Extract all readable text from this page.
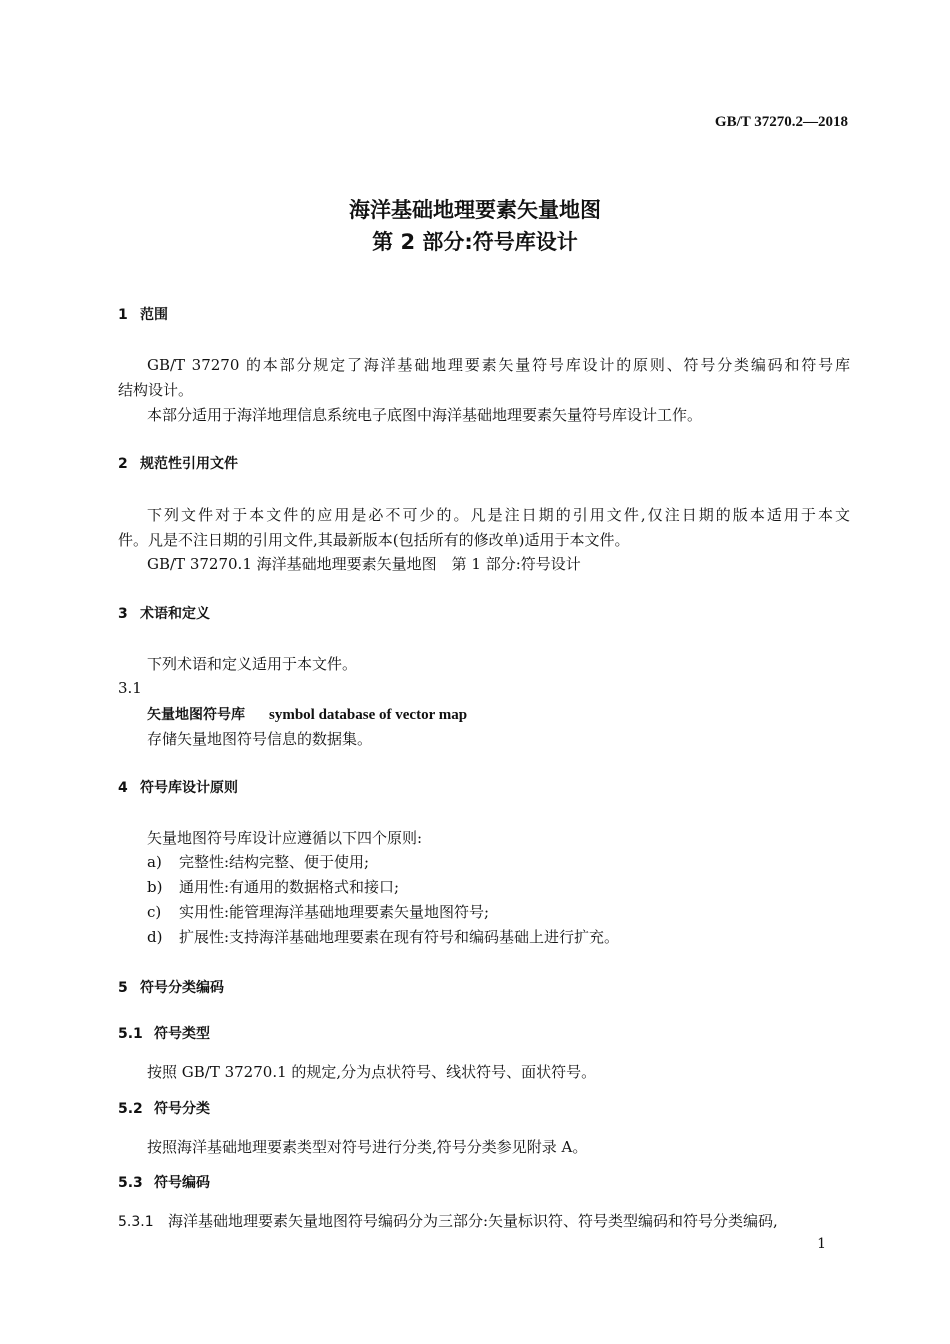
GB/T 37270.2—2018
海洋基础地理要素矢量地图
第 2 部分:符号库设计
1 范围
GB/T 37270 的本部分规定了海洋基础地理要素矢量符号库设计的原则、符号分类编码和符号库
结构设计。
本部分适用于海洋地理信息系统电子底图中海洋基础地理要素矢量符号库设计工作。
2 规范性引用文件
下列文件对于本文件的应用是必不可少的。凡是注日期的引用文件,仅注日期的版本适用于本文
件。凡是不注日期的引用文件,其最新版本(包括所有的修改单)适用于本文件。
GB/T 37270.1 海洋基础地理要素矢量地图　第 1 部分:符号设计
3 术语和定义
下列术语和定义适用于本文件。
3.1
矢量地图符号库 symbol database of vector map
存储矢量地图符号信息的数据集。
4 符号库设计原则
矢量地图符号库设计应遵循以下四个原则:
a) 完整性:结构完整、便于使用;
b) 通用性:有通用的数据格式和接口;
c) 实用性:能管理海洋基础地理要素矢量地图符号;
d) 扩展性:支持海洋基础地理要素在现有符号和编码基础上进行扩充。
5 符号分类编码
5.1 符号类型
按照 GB/T 37270.1 的规定,分为点状符号、线状符号、面状符号。
5.2 符号分类
按照海洋基础地理要素类型对符号进行分类,符号分类参见附录 A。
5.3 符号编码
5.3.1 海洋基础地理要素矢量地图符号编码分为三部分:矢量标识符、符号类型编码和符号分类编码,
1
